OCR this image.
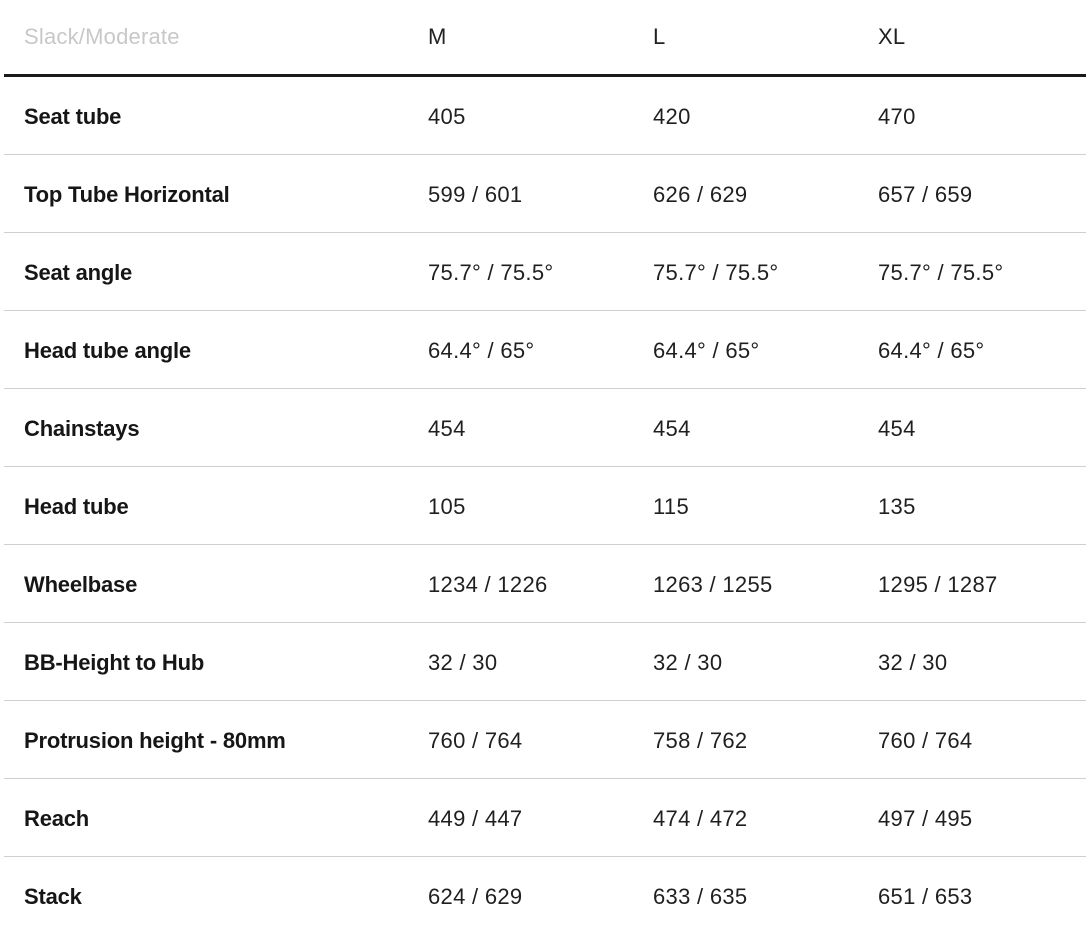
Slack/Moderate	M	L	XL
Seat tube	405	420	470
Top Tube Horizontal	599 / 601	626 / 629	657 / 659
Seat angle	75.7° / 75.5°	75.7° / 75.5°	75.7° / 75.5°
Head tube angle	64.4° / 65°	64.4° / 65°	64.4° / 65°
Chainstays	454	454	454
Head tube	105	115	135
Wheelbase	1234 / 1226	1263 / 1255	1295 / 1287
BB-Height to Hub	32 / 30	32 / 30	32 / 30
Protrusion height - 80mm	760 / 764	758 / 762	760 / 764
Reach	449 / 447	474 / 472	497 / 495
Stack	624 / 629	633 / 635	651 / 653
